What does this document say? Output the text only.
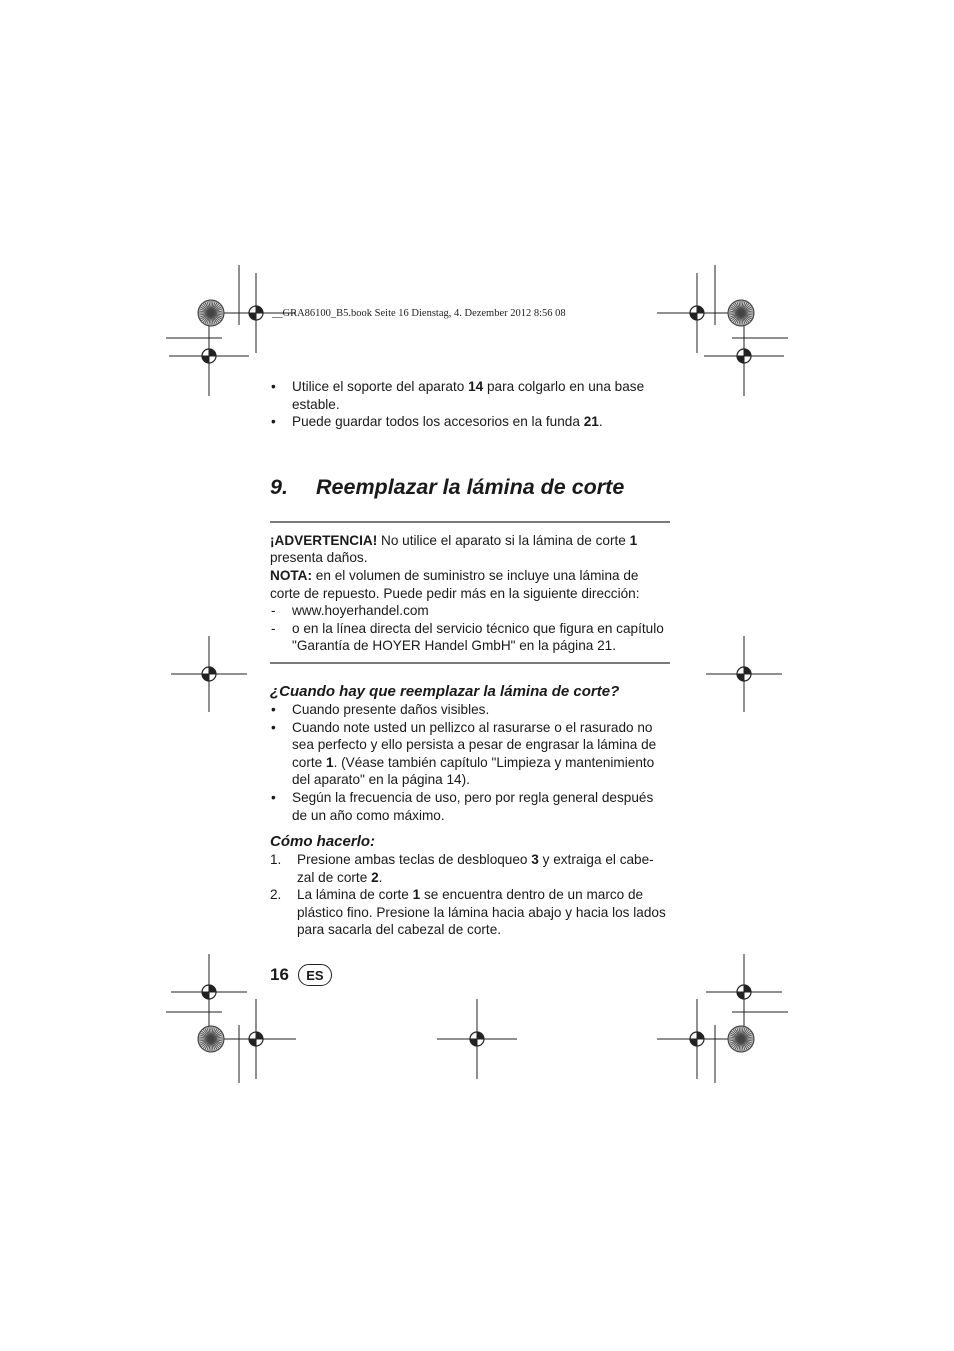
__GRA86100_B5.book Seite 16 Dienstag, 4. Dezember 2012 8:56 08
• Utilice el soporte del aparato 14 para colgarlo en una base estable.
• Puede guardar todos los accesorios en la funda 21.
9.	Reemplazar la lámina de corte
¡ADVERTENCIA! No utilice el aparato si la lámina de corte 1 presenta daños.
NOTA: en el volumen de suministro se incluye una lámina de corte de repuesto. Puede pedir más en la siguiente dirección:
- www.hoyerhandel.com
- o en la línea directa del servicio técnico que figura en capítulo "Garantía de HOYER Handel GmbH" en la página 21.
¿Cuando hay que reemplazar la lámina de corte?
• Cuando presente daños visibles.
• Cuando note usted un pellizco al rasurarse o el rasurado no sea perfecto y ello persista a pesar de engrasar la lámina de corte 1. (Véase también capítulo "Limpieza y mantenimiento del aparato" en la página 14).
• Según la frecuencia de uso, pero por regla general después de un año como máximo.
Cómo hacerlo:
1. Presione ambas teclas de desbloqueo 3 y extraiga el cabe-zal de corte 2.
2. La lámina de corte 1 se encuentra dentro de un marco de plástico fino. Presione la lámina hacia abajo y hacia los lados para sacarla del cabezal de corte.
16	ES
